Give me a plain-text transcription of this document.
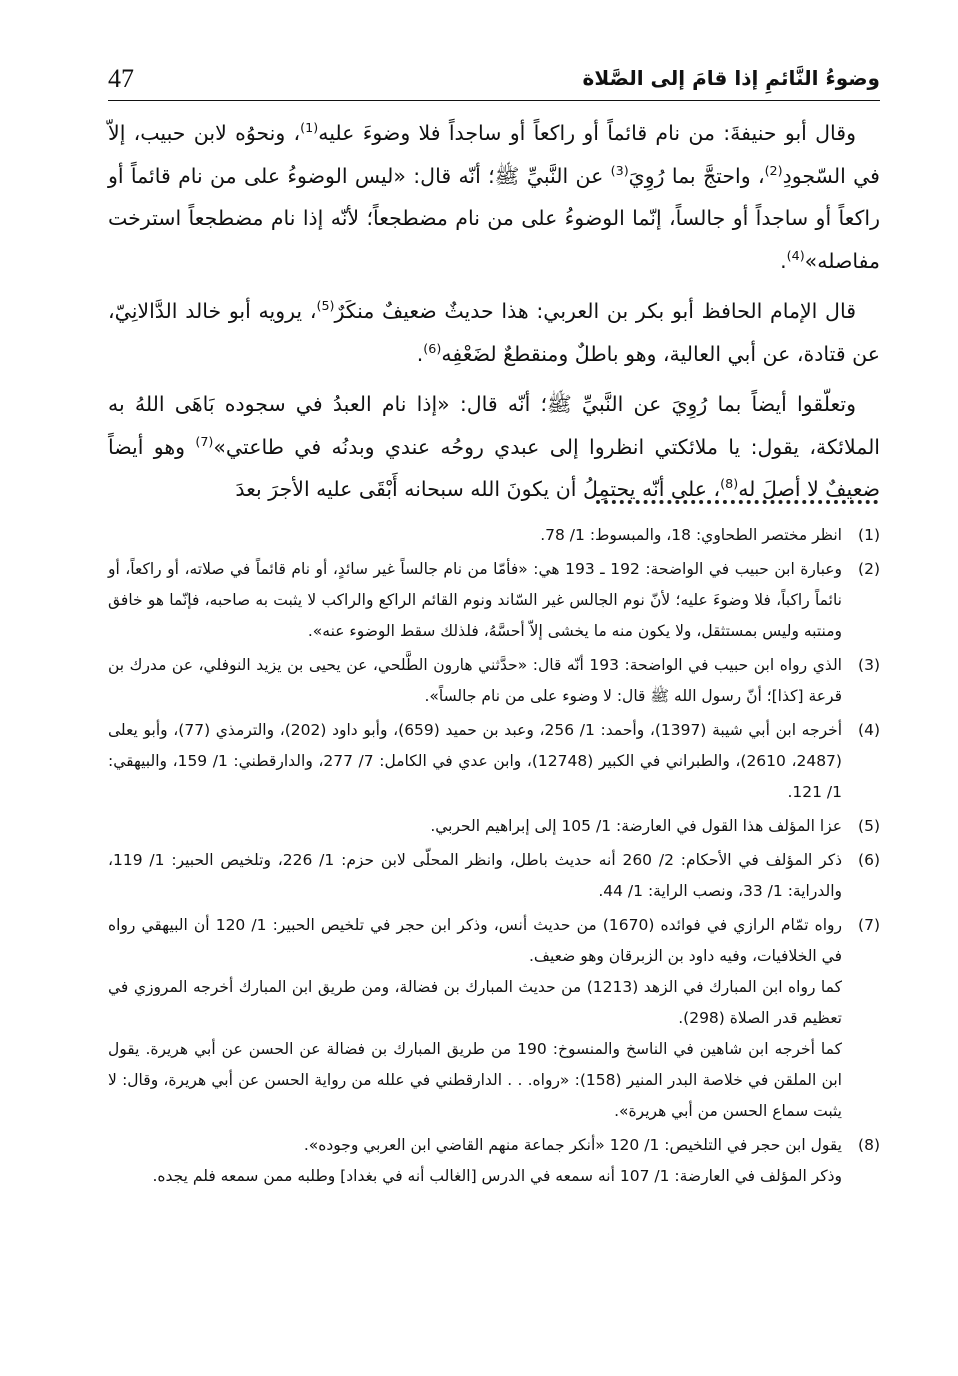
47	وضوءُ النَّائمِ إذا قامَ إلى الصَّلاة

وقال أبو حنيفةَ: من نام قائماً أو راكعاً أو ساجداً فلا وضوءَ عليه$^{(1)}$، ونحوُه لابن حبيب، إلاّ في السّجودِ$^{(2)}$، واحتجَّ بما رُوِيَ$^{(3)}$ عن النَّبيِّ ﷺ؛ أنّه قال: «ليس الوضوءُ على من نام قائماً أو راكعاً أو ساجداً أو جالساً، إنّما الوضوءُ على من نام مضطجعاً؛ لأنّه إذا نام مضطجعاً استرخت مفاصله»$^{(4)}$.

قال الإمام الحافظ أبو بكر بن العربي: هذا حديثٌ ضعيفٌ منكَرٌ$^{(5)}$، يرويه أبو خالد الدَّالانِيّ، عن قتادة، عن أبي العالية، وهو باطلٌ ومنقطعٌ لضَعْفِه$^{(6)}$.

وتعلّقوا أيضاً بما رُوِيَ عن النَّبيِّ ﷺ؛ أنّه قال: «إذا نام العبدُ في سجوده بَاهَى اللهُ به الملائكة، يقول: يا ملائكتي انظروا إلى عبدي روحُه عندي وبدنُه في طاعتي»$^{(7)}$ وهو أيضاً ضعيفٌ لا أصلَ له$^{(8)}$، على أنّه يحتمِلُ أن يكونَ الله سبحانه أَبْقَى عليه الأجرَ بعدَ

(1)

انظر مختصر الطحاوي: 18، والمبسوط: 1/ 78.

(2)

وعبارة ابن حبيب في الواضحة: 192 ـ 193 هي: «فأمّا من نام جالساً غير سائدٍ، أو نام قائماً في صلاته، أو راكعاً، أو نائماً راكباً، فلا وضوءَ عليه؛ لأنّ نوم الجالس غير السّاند ونوم القائم الراكع والراكب لا يثبت به صاحبه، فإنّما هو خافق ومنتبه وليس بمستثقل، ولا يكون منه ما يخشى إلاّ أحسَّهُ، فلذلك سقط الوضوء عنه».

(3)

الذي رواه ابن حبيب في الواضحة: 193 أنّه قال: «حدَّثني هارون الطَّلحي، عن يحيى بن يزيد النوفلي، عن مدرك بن قرعة [كذا]؛ أنّ رسول الله ﷺ قال: لا وضوء على من نام جالساً».

(4)

أخرجه ابن أبي شيبة (1397)، وأحمد: 1/ 256، وعبد بن حميد (659)، وأبو داود (202)، والترمذي (77)، وأبو يعلى (2487، 2610)، والطبراني في الكبير (12748)، وابن عدي في الكامل: 7/ 277، والدارقطني: 1/ 159، والبيهقي: 1/ 121.

(5)

عزا المؤلف هذا القول في العارضة: 1/ 105 إلى إبراهيم الحربي.

(6)

ذكر المؤلف في الأحكام: 2/ 260 أنه حديث باطل، وانظر المحلّى لابن حزم: 1/ 226، وتلخيص الحبير: 1/ 119، والدراية: 1/ 33، ونصب الراية: 1/ 44.

(7)

رواه تمّام الرازي في فوائده (1670) من حديث أنس، وذكر ابن حجر في تلخيص الحبير: 1/ 120 أن البيهقي رواه في الخلافيات، وفيه داود بن الزبرقان وهو ضعيف.

كما رواه ابن المبارك في الزهد (1213) من حديث المبارك بن فضالة، ومن طريق ابن المبارك أخرجه المروزي في تعظيم قدر الصلاة (298).

كما أخرجه ابن شاهين في الناسخ والمنسوخ: 190 من طريق المبارك بن فضالة عن الحسن عن أبي هريرة. يقول ابن الملقن في خلاصة البدر المنير (158): «رواه. . . الدارقطني في علله من رواية الحسن عن أبي هريرة، وقال: لا يثبت سماع الحسن من أبي هريرة».

(8)

يقول ابن حجر في التلخيص: 1/ 120 «أنكر جماعة منهم القاضي ابن العربي وجوده».

وذكر المؤلف في العارضة: 1/ 107 أنه سمعه في الدرس [الغالب أنه في بغداد] وطلبه ممن سمعه فلم يجده.
